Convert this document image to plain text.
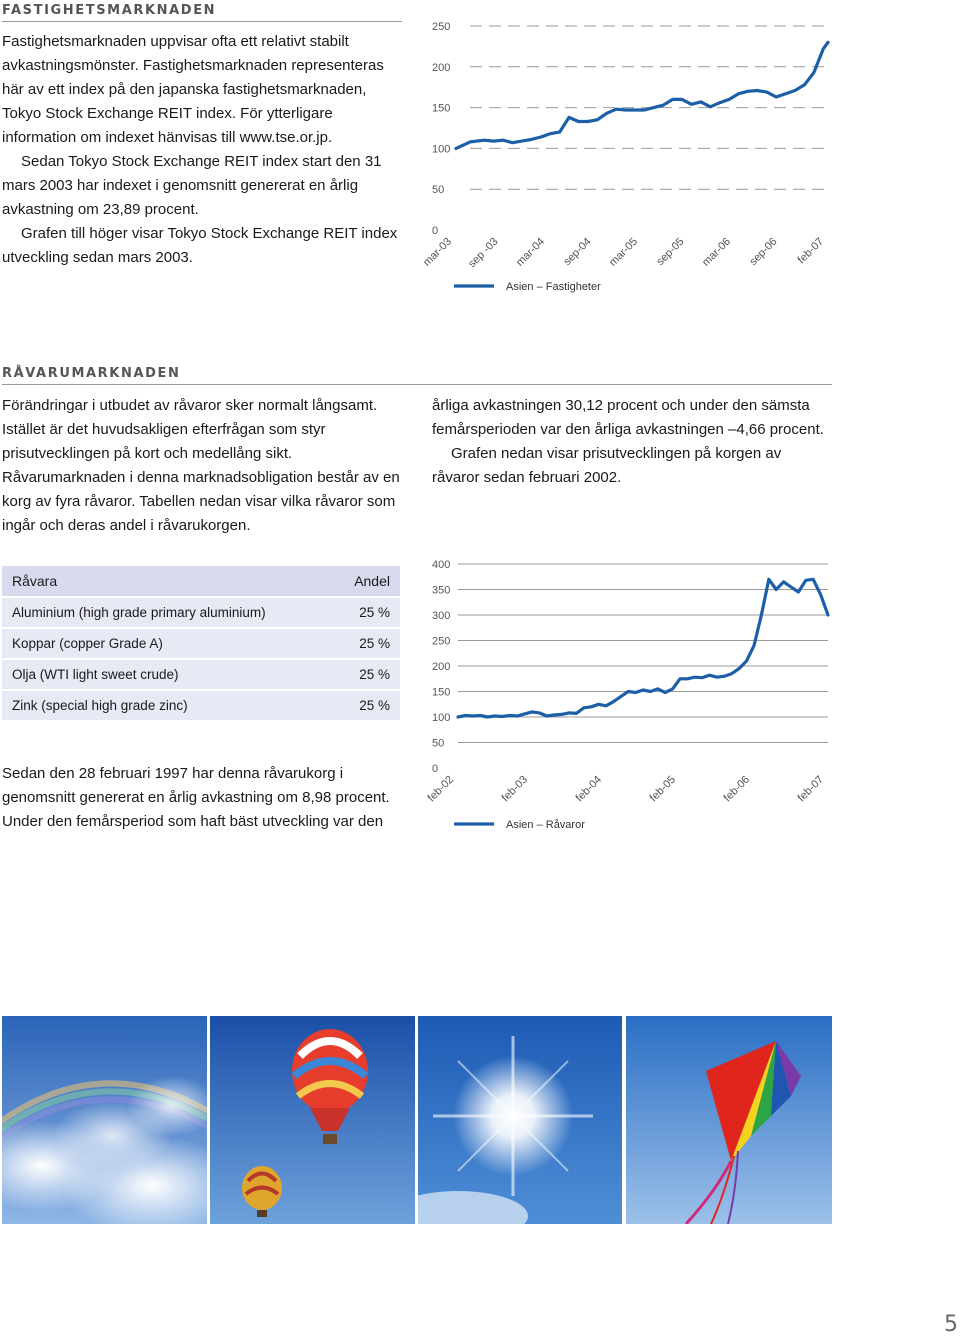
FASTIGHETSMARKNADEN

Fastighetsmarknaden uppvisar ofta ett relativt stabilt avkastningsmönster. Fastighetsmarknaden representeras här av ett index på den japanska fastighetsmarknaden, Tokyo Stock Exchange REIT index. För ytterligare information om indexet hänvisas till www.tse.or.jp.

Sedan Tokyo Stock Exchange REIT index start den 31 mars 2003 har indexet i genomsnitt genererat en årlig avkastning om 23,89 procent.

Grafen till höger visar Tokyo Stock Exchange REIT index utveckling sedan mars 2003.

0
50
100
150
200
250
mar-03 sep -03 mar-04 sep-04 mar-05 sep-05 mar-06 sep-06 feb-07
Asien – Fastigheter
RÅVARUMARKNADEN

Förändringar i utbudet av råvaror sker normalt långsamt. Istället är det huvudsakligen efterfrågan som styr prisutvecklingen på kort och medellång sikt. Råvarumarknaden i denna marknadsobligation består av en korg av fyra råvaror. Tabellen nedan visar vilka råvaror som ingår och deras andel i råvarukorgen.

årliga avkastningen 30,12 procent och under den sämsta femårsperioden var den årliga avkastningen –4,66 procent.

Grafen nedan visar prisutvecklingen på korgen av råvaror sedan februari 2002.

Råvara	Andel
Aluminium (high grade primary aluminium)	25 %
Koppar (copper Grade A)	25 %
Olja (WTI light sweet crude)	25 %
Zink (special high grade zinc)	25 %

Sedan den 28 februari 1997 har denna råvarukorg i genomsnitt genererat en årlig avkastning om 8,98 procent. Under den femårsperiod som haft bäst utveckling var den

0
50
100
150
200
250
300
350
400
feb-02	feb-03	feb-04	feb-05	feb-06	feb-07
Asien – Råvaror
5
